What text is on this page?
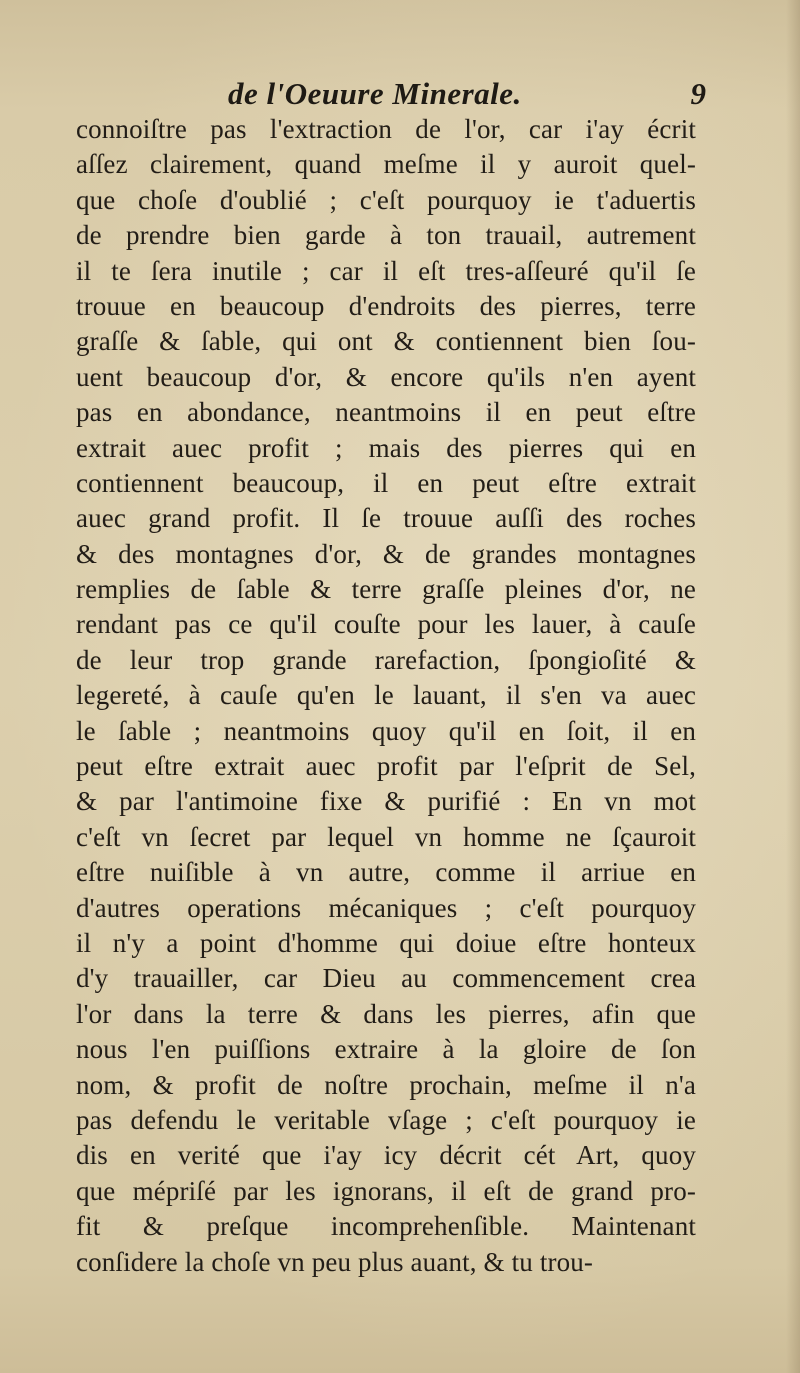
de l'Oeuure Minerale.	9
connoiſtre pas l'extraction de l'or, car i'ay écrit
aſſez clairement, quand meſme il y auroit quel-
que choſe d'oublié ; c'eſt pourquoy ie t'aduertis
de prendre bien garde à ton trauail, autrement
il te ſera inutile ; car il eſt tres-aſſeuré qu'il ſe
trouue en beaucoup d'endroits des pierres, terre
graſſe & ſable, qui ont & contiennent bien ſou-
uent beaucoup d'or, & encore qu'ils n'en ayent
pas en abondance, neantmoins il en peut eſtre
extrait auec profit ; mais des pierres qui en
contiennent beaucoup, il en peut eſtre extrait
auec grand profit. Il ſe trouue auſſi des roches
& des montagnes d'or, & de grandes montagnes
remplies de ſable & terre graſſe pleines d'or, ne
rendant pas ce qu'il couſte pour les lauer, à cauſe
de leur trop grande rarefaction, ſpongioſité &
legereté, à cauſe qu'en le lauant, il s'en va auec
le ſable ; neantmoins quoy qu'il en ſoit, il en
peut eſtre extrait auec profit par l'eſprit de Sel,
& par l'antimoine fixe & purifié : En vn mot
c'eſt vn ſecret par lequel vn homme ne ſçauroit
eſtre nuiſible à vn autre, comme il arriue en
d'autres operations mécaniques ; c'eſt pourquoy
il n'y a point d'homme qui doiue eſtre honteux
d'y trauailler, car Dieu au commencement crea
l'or dans la terre & dans les pierres, afin que
nous l'en puiſſions extraire à la gloire de ſon
nom, & profit de noſtre prochain, meſme il n'a
pas defendu le veritable vſage ; c'eſt pourquoy ie
dis en verité que i'ay icy décrit cét Art, quoy
que mépriſé par les ignorans, il eſt de grand pro-
fit & preſque incomprehenſible. Maintenant
conſidere la choſe vn peu plus auant, & tu trou-
